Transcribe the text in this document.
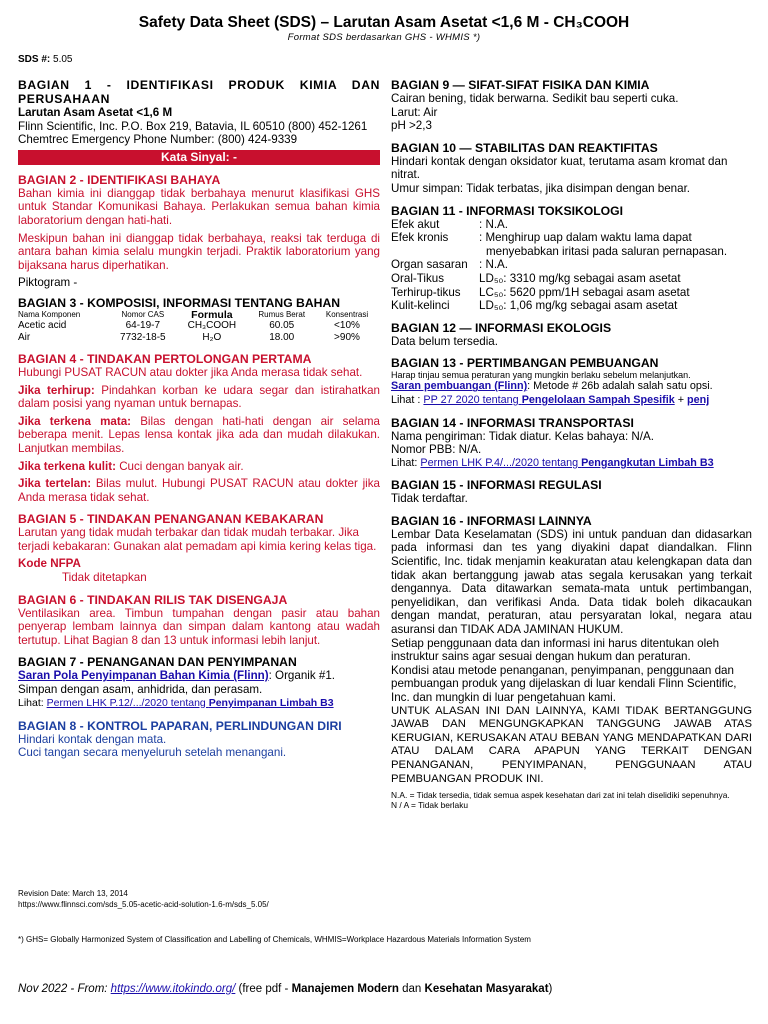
Safety Data Sheet (SDS) – Larutan Asam Asetat <1,6 M - CH₃COOH
Format SDS berdasarkan GHS - WHMIS *)
SDS #: 5.05
BAGIAN 1 - IDENTIFIKASI PRODUK KIMIA DAN PERUSAHAAN
Larutan Asam Asetat <1,6 M
Flinn Scientific, Inc. P.O. Box 219, Batavia, IL 60510 (800) 452-1261
Chemtrec Emergency Phone Number: (800) 424-9339
Kata Sinyal: -
BAGIAN 2 - IDENTIFIKASI BAHAYA
Bahan kimia ini dianggap tidak berbahaya menurut klasifikasi GHS untuk Standar Komunikasi Bahaya. Perlakukan semua bahan kimia laboratorium dengan hati-hati.
Meskipun bahan ini dianggap tidak berbahaya, reaksi tak terduga di antara bahan kimia selalu mungkin terjadi. Praktik laboratorium yang bijaksana harus diperhatikan.
Piktogram -
BAGIAN 3 - KOMPOSISI, INFORMASI TENTANG BAHAN
Nama Komponen	Nomor CAS	Formula	Rumus Berat	Konsentrasi
Acetic acid	64-19-7	CH₃COOH	60.05	<10%
Air	7732-18-5	H₂O	18.00	>90%
BAGIAN 4 - TINDAKAN PERTOLONGAN PERTAMA
Hubungi PUSAT RACUN atau dokter jika Anda merasa tidak sehat.
Jika terhirup: Pindahkan korban ke udara segar dan istirahatkan dalam posisi yang nyaman untuk bernapas.
Jika terkena mata: Bilas dengan hati-hati dengan air selama beberapa menit. Lepas lensa kontak jika ada dan mudah dilakukan. Lanjutkan membilas.
Jika terkena kulit: Cuci dengan banyak air.
Jika tertelan: Bilas mulut. Hubungi PUSAT RACUN atau dokter jika Anda merasa tidak sehat.
BAGIAN 5 - TINDAKAN PENANGANAN KEBAKARAN
Larutan yang tidak mudah terbakar dan tidak mudah terbakar. Jika terjadi kebakaran: Gunakan alat pemadam api kimia kering kelas tiga.
Kode NFPA
Tidak ditetapkan
BAGIAN 6 - TINDAKAN RILIS TAK DISENGAJA
Ventilasikan area. Timbun tumpahan dengan pasir atau bahan penyerap lembam lainnya dan simpan dalam kantong atau wadah tertutup. Lihat Bagian 8 dan 13 untuk informasi lebih lanjut.
BAGIAN 7 - PENANGANAN DAN PENYIMPANAN
Saran Pola Penyimpanan Bahan Kimia (Flinn): Organik #1.
Simpan dengan asam, anhidrida, dan perasam.
Lihat: Permen LHK P.12/.../2020 tentang Penyimpanan Limbah B3
BAGIAN 8 - KONTROL PAPARAN, PERLINDUNGAN DIRI
Hindari kontak dengan mata.
Cuci tangan secara menyeluruh setelah menangani.
BAGIAN 9 — SIFAT-SIFAT FISIKA DAN KIMIA
Cairan bening, tidak berwarna. Sedikit bau seperti cuka.
Larut: Air
pH >2,3
BAGIAN 10 — STABILITAS DAN REAKTIFITAS
Hindari kontak dengan oksidator kuat, terutama asam kromat dan nitrat.
Umur simpan: Tidak terbatas, jika disimpan dengan benar.
BAGIAN 11 - INFORMASI TOKSIKOLOGI
Efek akut	: N.A.
Efek kronis	: Menghirup uap dalam waktu lama dapat menyebabkan iritasi pada saluran pernapasan.
Organ sasaran : N.A.
Oral-Tikus	LD₅₀: 3310 mg/kg sebagai asam asetat
Terhirup-tikus	LC₅₀: 5620 ppm/1H sebagai asam asetat
Kulit-kelinci	LD₅₀: 1,06 mg/kg sebagai asam asetat
BAGIAN 12 — INFORMASI EKOLOGIS
Data belum tersedia.
BAGIAN 13 - PERTIMBANGAN PEMBUANGAN
Harap tinjau semua peraturan yang mungkin berlaku sebelum melanjutkan.
Saran pembuangan (Flinn): Metode # 26b adalah salah satu opsi.
Lihat : PP 27 2020 tentang Pengelolaan Sampah Spesifik + penj
BAGIAN 14 - INFORMASI TRANSPORTASI
Nama pengiriman: Tidak diatur. Kelas bahaya: N/A.
Nomor PBB: N/A.
Lihat: Permen LHK P.4/.../2020 tentang Pengangkutan Limbah B3
BAGIAN 15 - INFORMASI REGULASI
Tidak terdaftar.
BAGIAN 16 - INFORMASI LAINNYA
Lembar Data Keselamatan (SDS) ini untuk panduan dan didasarkan pada informasi dan tes yang diyakini dapat diandalkan. Flinn Scientific, Inc. tidak menjamin keakuratan atau kelengkapan data dan tidak akan bertanggung jawab atas segala kerusakan yang terkait dengannya. Data ditawarkan semata-mata untuk pertimbangan, penyelidikan, dan verifikasi Anda. Data tidak boleh dikacaukan dengan mandat, peraturan, atau persyaratan lokal, negara atau asuransi dan TIDAK ADA JAMINAN HUKUM.
Setiap penggunaan data dan informasi ini harus ditentukan oleh instruktur sains agar sesuai dengan hukum dan peraturan.
Kondisi atau metode penanganan, penyimpanan, penggunaan dan pembuangan produk yang dijelaskan di luar kendali Flinn Scientific, Inc. dan mungkin di luar pengetahuan kami.
UNTUK ALASAN INI DAN LAINNYA, KAMI TIDAK BERTANGGUNG JAWAB DAN MENGUNGKAPKAN TANGGUNG JAWAB ATAS KERUGIAN, KERUSAKAN ATAU BEBAN YANG MENDAPATKAN DARI ATAU DALAM CARA APAPUN YANG TERKAIT DENGAN PENANGANAN, PENYIMPANAN, PENGGUNAAN ATAU PEMBUANGAN PRODUK INI.
N.A. = Tidak tersedia, tidak semua aspek kesehatan dari zat ini telah diselidiki sepenuhnya.
N / A = Tidak berlaku
Revision Date: March 13, 2014
https://www.flinnsci.com/sds_5.05-acetic-acid-solution-1.6-m/sds_5.05/
*) GHS= Globally Harmonized System of Classification and Labelling of Chemicals, WHMIS=Workplace Hazardous Materials Information System
Nov 2022 - From: https://www.itokindo.org/ (free pdf - Manajemen Modern dan Kesehatan Masyarakat)
